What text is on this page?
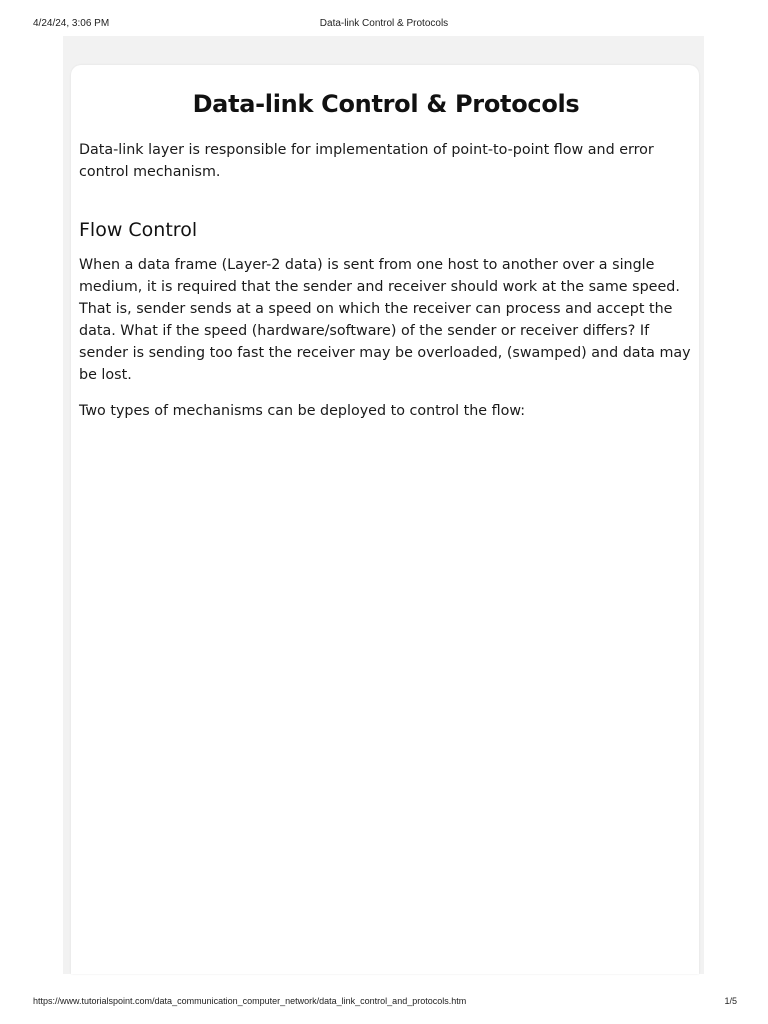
4/24/24, 3:06 PM	Data-link Control & Protocols
Data-link Control & Protocols

Data-link layer is responsible for implementation of point-to-point flow and error control mechanism.

Flow Control

When a data frame (Layer-2 data) is sent from one host to another over a single medium, it is required that the sender and receiver should work at the same speed. That is, sender sends at a speed on which the receiver can process and accept the data. What if the speed (hardware/software) of the sender or receiver differs? If sender is sending too fast the receiver may be overloaded, (swamped) and data may be lost.

Two types of mechanisms can be deployed to control the flow:

https://www.tutorialspoint.com/data_communication_computer_network/data_link_control_and_protocols.htm	1/5
